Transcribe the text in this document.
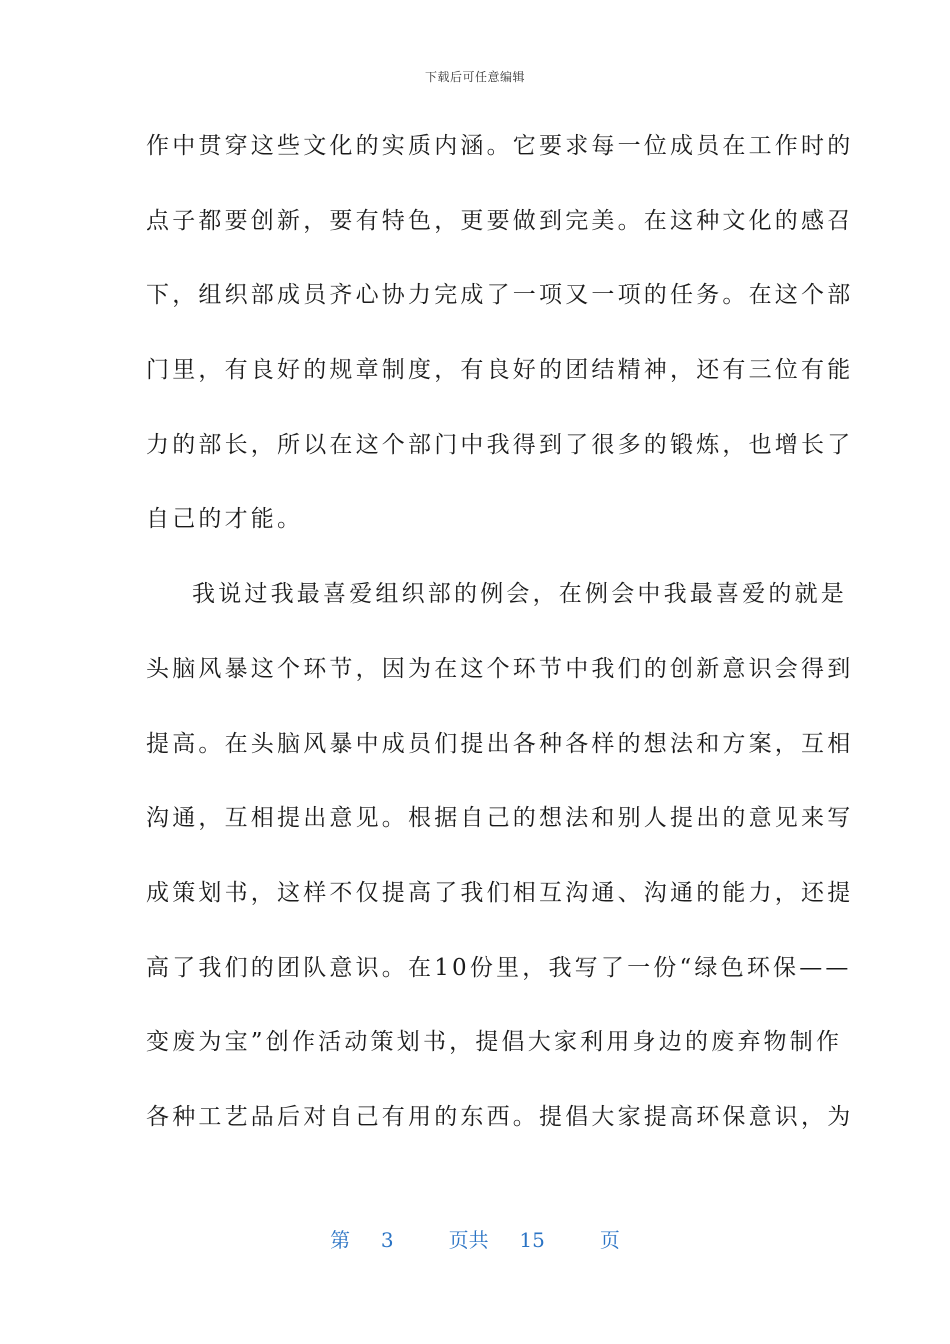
下载后可任意编辑
作中贯穿这些文化的实质内涵。它要求每一位成员在工作时的
点子都要创新，要有特色，更要做到完美。在这种文化的感召
下，组织部成员齐心协力完成了一项又一项的任务。在这个部
门里，有良好的规章制度，有良好的团结精神，还有三位有能
力的部长，所以在这个部门中我得到了很多的锻炼，也增长了
自己的才能。
我说过我最喜爱组织部的例会，在例会中我最喜爱的就是
头脑风暴这个环节，因为在这个环节中我们的创新意识会得到
提高。在头脑风暴中成员们提出各种各样的想法和方案，互相
沟通，互相提出意见。根据自己的想法和别人提出的意见来写
成策划书，这样不仅提高了我们相互沟通、沟通的能力，还提
高了我们的团队意识。在10份里，我写了一份“绿色环保——
变废为宝”创作活动策划书，提倡大家利用身边的废弃物制作
各种工艺品后对自己有用的东西。提倡大家提高环保意识，为
第 3	页共 15	页
